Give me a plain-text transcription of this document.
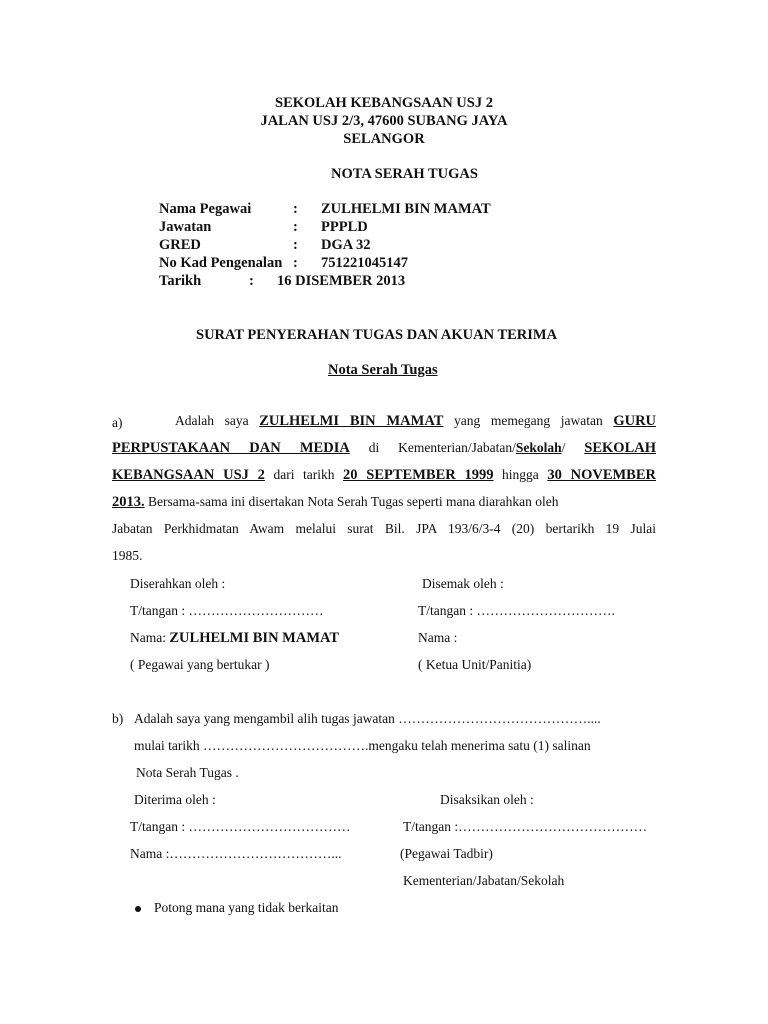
SEKOLAH KEBANGSAAN USJ 2
JALAN USJ 2/3, 47600 SUBANG JAYA
SELANGOR
NOTA SERAH TUGAS
Nama Pegawai	: ZULHELMI BIN MAMAT
Jawatan	: PPPLD
GRED	: DGA 32
No Kad Pengenalan : 751221045147
Tarikh	: 16 DISEMBER 2013
SURAT PENYERAHAN TUGAS DAN AKUAN TERIMA
Nota Serah Tugas
a)	Adalah saya ZULHELMI BIN MAMAT yang memegang jawatan GURU
PERPUSTAKAAN DAN MEDIA di Kementerian/Jabatan/Sekolah/ SEKOLAH
KEBANGSAAN USJ 2 dari tarikh 20 SEPTEMBER 1999 hingga 30 NOVEMBER
2013. Bersama-sama ini disertakan Nota Serah Tugas seperti mana diarahkan oleh
Jabatan Perkhidmatan Awam melalui surat Bil. JPA 193/6/3-4 (20) bertarikh 19 Julai
1985.
Diserahkan oleh :
T/tangan : …………………………
Nama: ZULHELMI BIN MAMAT
( Pegawai yang bertukar )
Disemak oleh :
T/tangan : ………………………….
Nama :
( Ketua Unit/Panitia)
b) Adalah saya yang mengambil alih tugas jawatan ……………………………………....
mulai tarikh ……………………………….mengaku telah menerima satu (1) salinan
Nota Serah Tugas .
Diterima oleh :
T/tangan : ………………………………
Nama :………………………………...
Disaksikan oleh :
T/tangan :……………………………………
(Pegawai Tadbir)
Kementerian/Jabatan/Sekolah
Potong mana yang tidak berkaitan
